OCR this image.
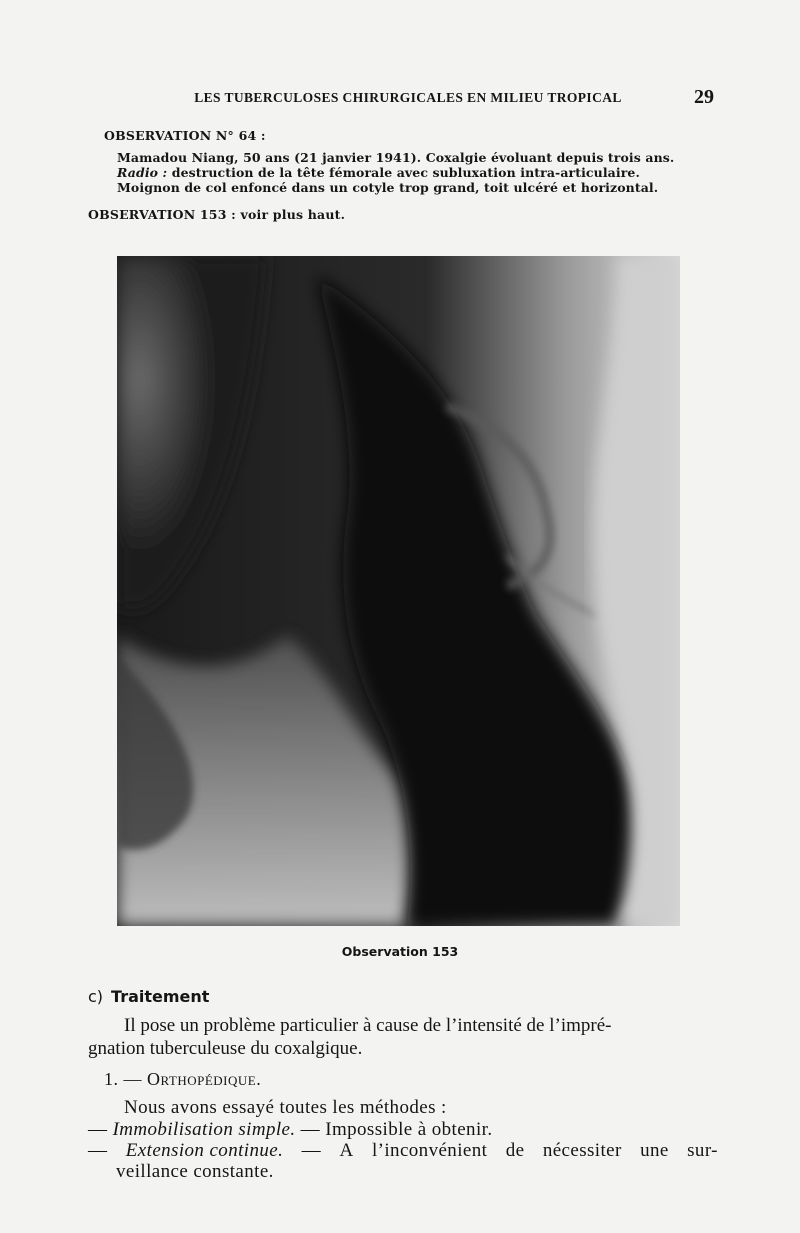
LES TUBERCULOSES CHIRURGICALES EN MILIEU TROPICAL	29
OBSERVATION N° 64 :
Mamadou Niang, 50 ans (21 janvier 1941). Coxalgie évoluant depuis trois ans.
Radio : destruction de la tête fémorale avec subluxation intra-articulaire.
Moignon de col enfoncé dans un cotyle trop grand, toit ulcéré et horizontal.
OBSERVATION 153 : voir plus haut.
Observation 153
c) Traitement
Il pose un problème particulier à cause de l’intensité de l’impré-
gnation tuberculeuse du coxalgique.
1. — Orthopédique.
Nous avons essayé toutes les méthodes :
— Immobilisation simple. — Impossible à obtenir.
— Extension continue. — A l’inconvénient de nécessiter une sur-
veillance constante.
